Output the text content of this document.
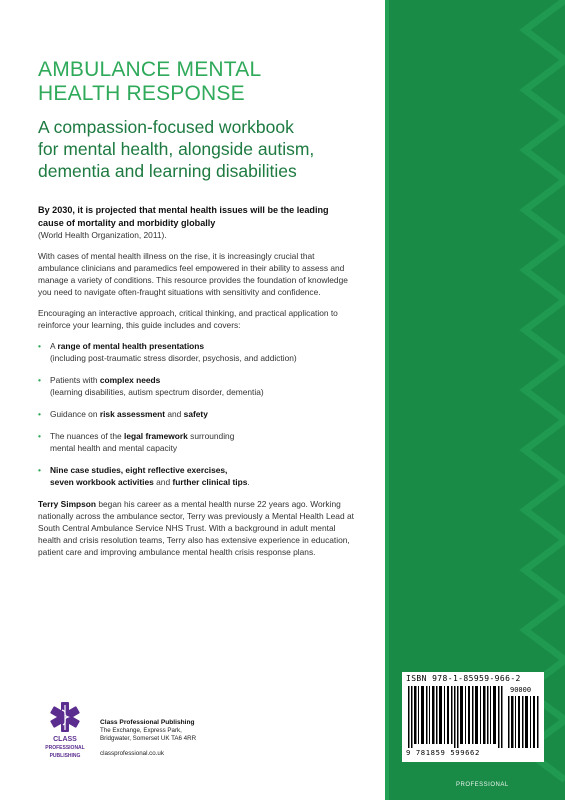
AMBULANCE MENTAL
HEALTH RESPONSE
A compassion-focused workbook
for mental health, alongside autism,
dementia and learning disabilities

By 2030, it is projected that mental health issues will be the leading cause of mortality and morbidity globally

(World Health Organization, 2011).

With cases of mental health illness on the rise, it is increasingly crucial that ambulance clinicians and paramedics feel empowered in their ability to assess and manage a variety of conditions. This resource provides the foundation of knowledge you need to navigate often-fraught situations with sensitivity and confidence.

Encouraging an interactive approach, critical thinking, and practical application to reinforce your learning, this guide includes and covers:

• A range of mental health presentations
(including post-traumatic stress disorder, psychosis, and addiction)
• Patients with complex needs
(learning disabilities, autism spectrum disorder, dementia)
• Guidance on risk assessment and safety
• The nuances of the legal framework surrounding
mental health and mental capacity
• Nine case studies, eight reflective exercises,
seven workbook activities and further clinical tips.

Terry Simpson began his career as a mental health nurse 22 years ago. Working nationally across the ambulance sector, Terry was previously a Mental Health Lead at South Central Ambulance Service NHS Trust. With a background in adult mental health and crisis resolution teams, Terry also has extensive experience in education, patient care and improving ambulance mental health crisis response plans.

CLASS
PROFESSIONAL
PUBLISHING
Class Professional Publishing
The Exchange, Express Park,
Bridgwater, Somerset UK TA6 4RR
classprofessional.co.uk
ISBN 978-1-85959-966-2
9 781859 599662
90000
PROFESSIONAL
